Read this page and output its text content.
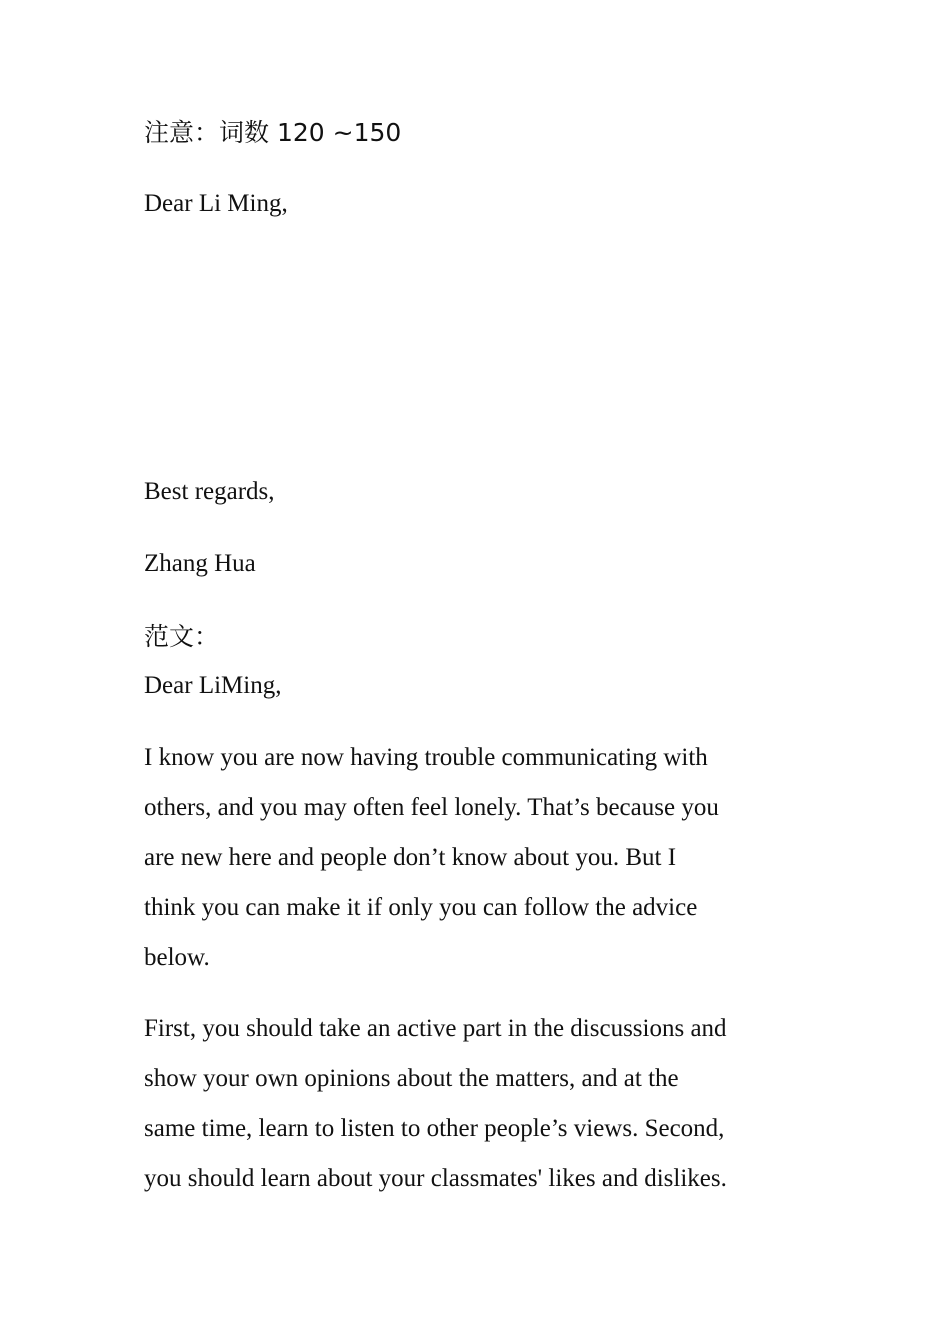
注意：词数 120 ~150

Dear Li Ming,

Best regards,

Zhang Hua

范文：

Dear LiMing,

I know you are now having trouble communicating with
others, and you may often feel lonely. That’s because you
are new here and people don’t know about you. But I
think you can make it if only you can follow the advice
below.
First, you should take an active part in the discussions and
show your own opinions about the matters, and at the
same time, learn to listen to other people’s views. Second,
you should learn about your classmates' likes and dislikes.
